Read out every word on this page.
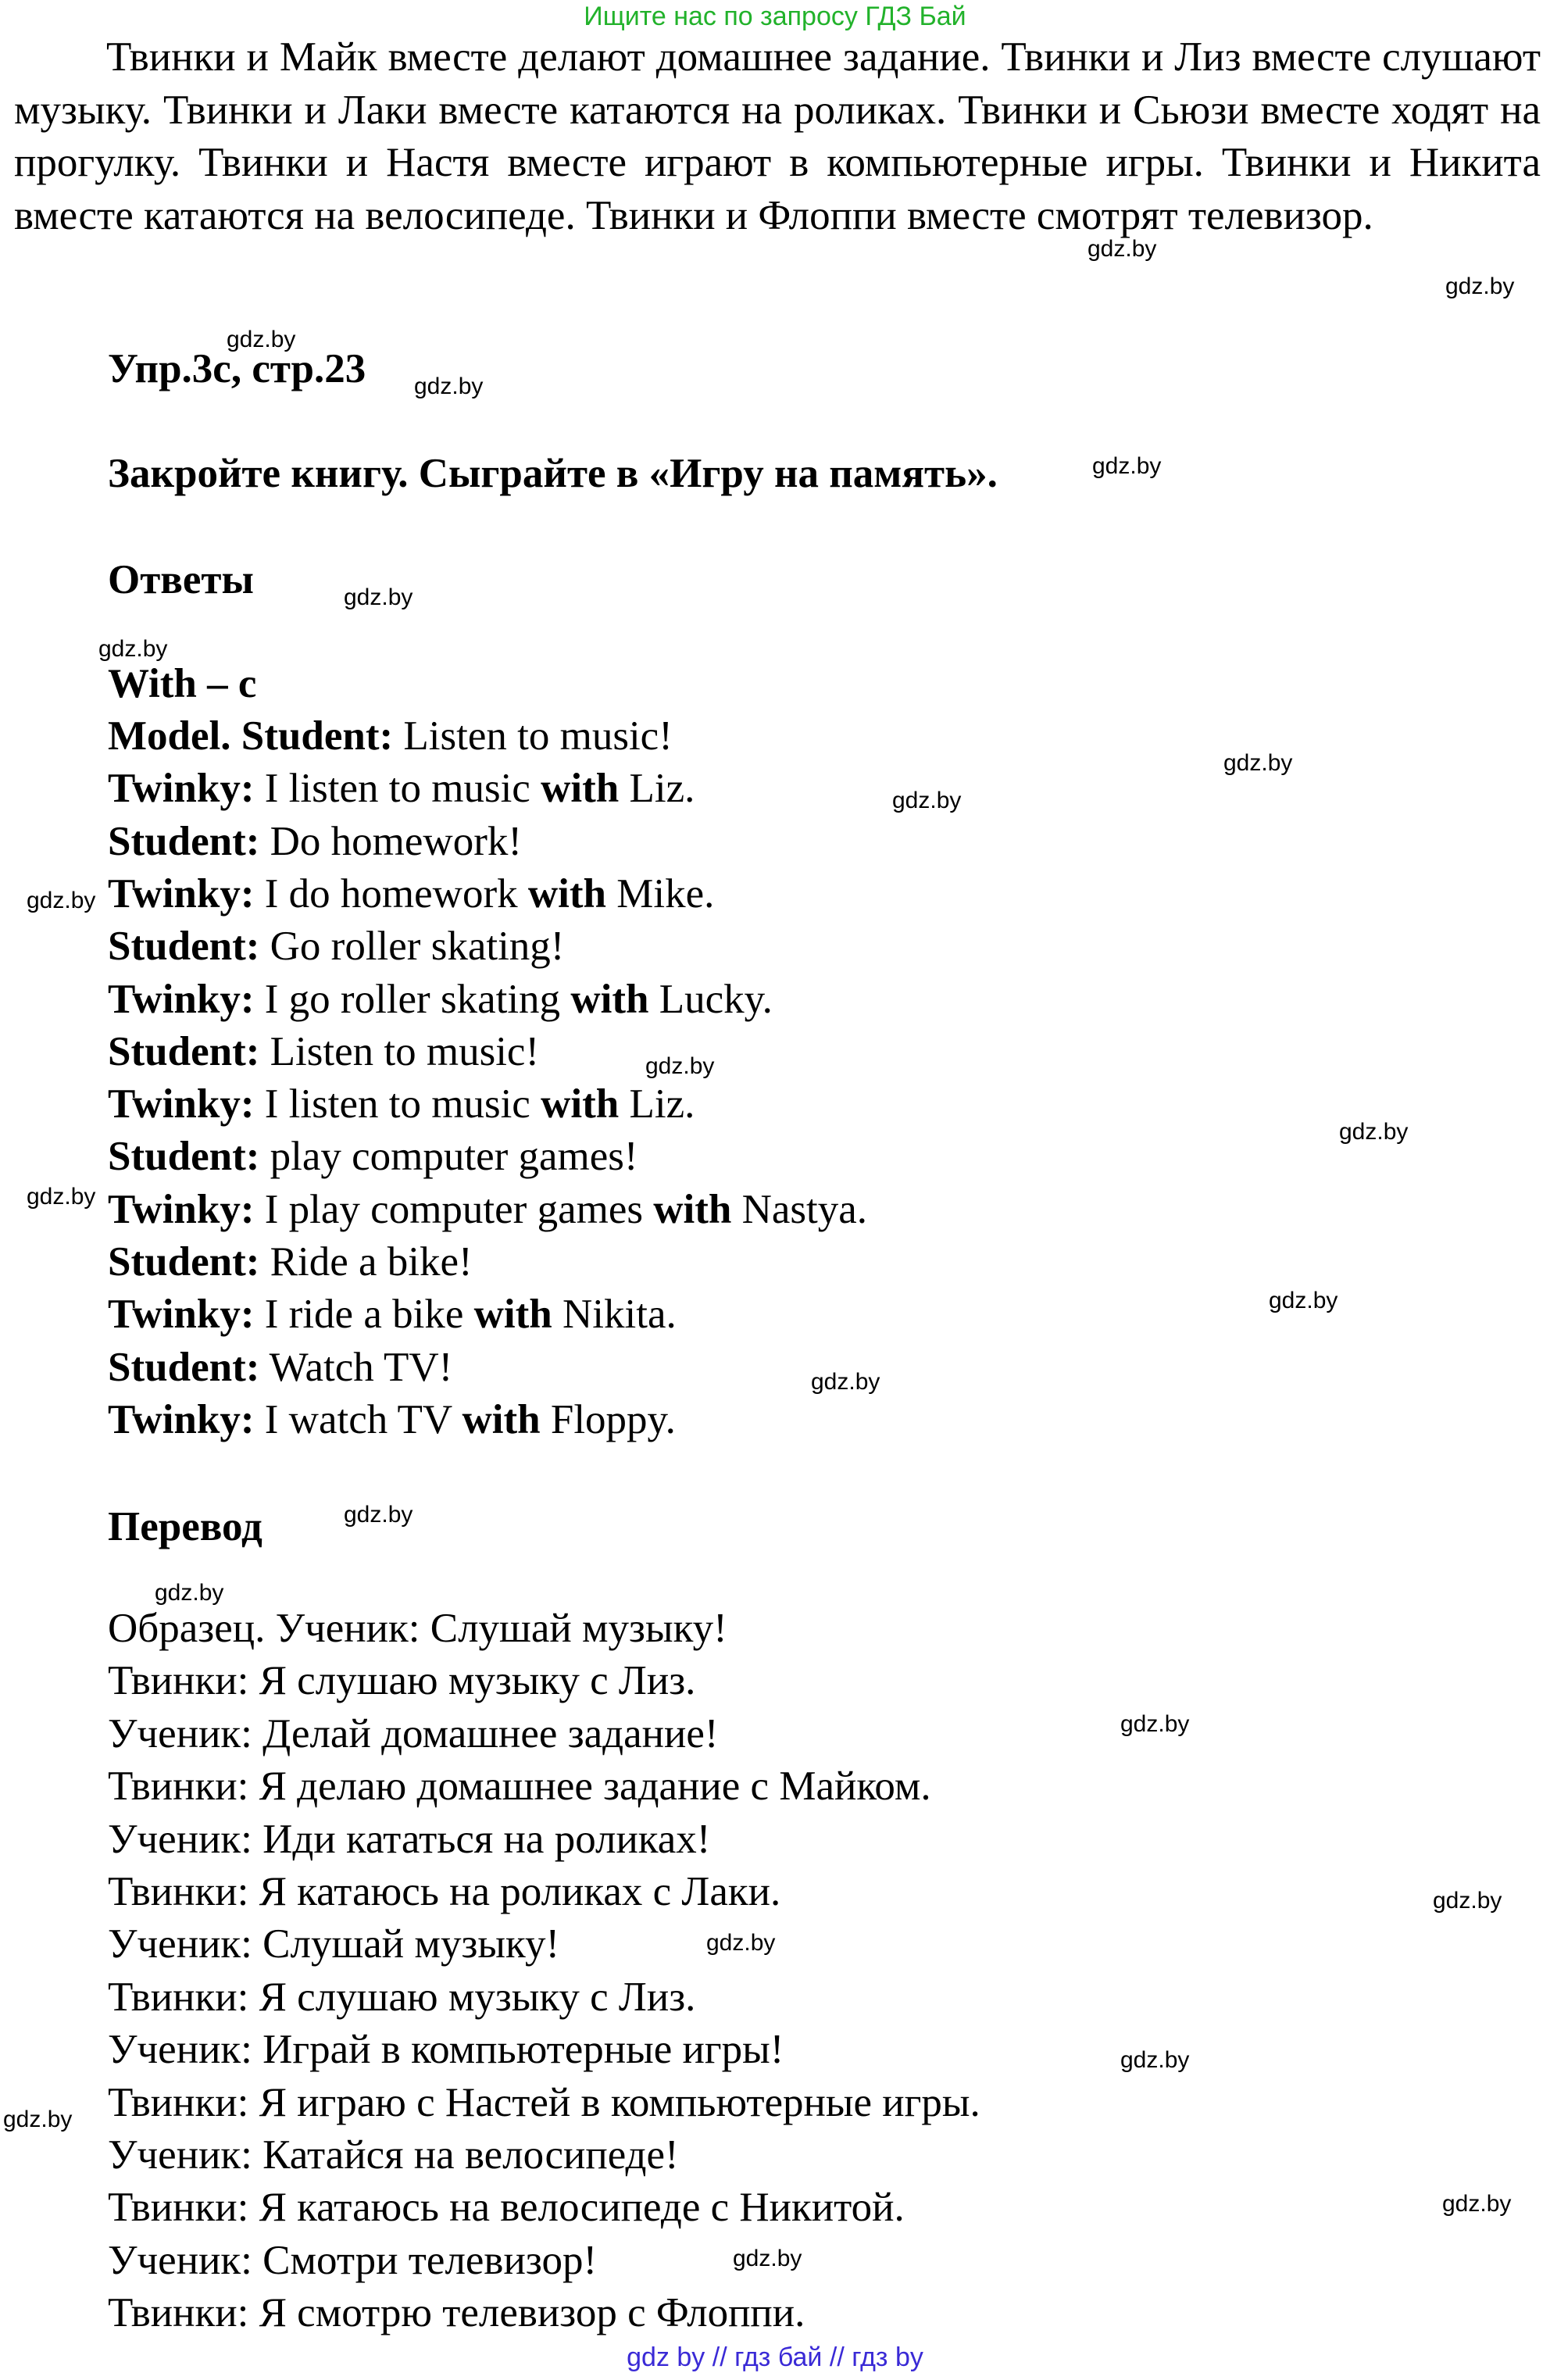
Ищите нас по запросу ГДЗ Бай
Твинки и Майк вместе делают домашнее задание. Твинки и Лиз вместе слушают музыку. Твинки и Лаки вместе катаются на роликах. Твинки и Сьюзи вместе ходят на прогулку. Твинки и Настя вместе играют в компьютерные игры. Твинки и Никита вместе катаются на велосипеде. Твинки и Флоппи вместе смотрят телевизор.
Упр.3c, стр.23
Закройте книгу. Сыграйте в «Игру на память».
Ответы
With – с
Model. Student: Listen to music!
Twinky: I listen to music with Liz.
Student: Do homework!
Twinky: I do homework with Mike.
Student: Go roller skating!
Twinky: I go roller skating with Lucky.
Student: Listen to music!
Twinky: I listen to music with Liz.
Student: play computer games!
Twinky: I play computer games with Nastya.
Student: Ride a bike!
Twinky: I ride a bike with Nikita.
Student: Watch TV!
Twinky: I watch TV with Floppy.
Перевод
Образец. Ученик: Слушай музыку!
Твинки: Я слушаю музыку с Лиз.
Ученик: Делай домашнее задание!
Твинки: Я делаю домашнее задание с Майком.
Ученик: Иди кататься на роликах!
Твинки: Я катаюсь на роликах с Лаки.
Ученик: Слушай музыку!
Твинки: Я слушаю музыку с Лиз.
Ученик: Играй в компьютерные игры!
Твинки: Я играю с Настей в компьютерные игры.
Ученик: Катайся на велосипеде!
Твинки: Я катаюсь на велосипеде с Никитой.
Ученик: Смотри телевизор!
Твинки: Я смотрю телевизор с Флоппи.
gdz.by
gdz.by
gdz.by
gdz.by
gdz.by
gdz.by
gdz.by
gdz.by
gdz.by
gdz.by
gdz.by
gdz.by
gdz.by
gdz.by
gdz.by
gdz.by
gdz.by
gdz.by
gdz.by
gdz.by
gdz.by
gdz.by
gdz.by
gdz.by
gdz by // гдз бай // гдз by
